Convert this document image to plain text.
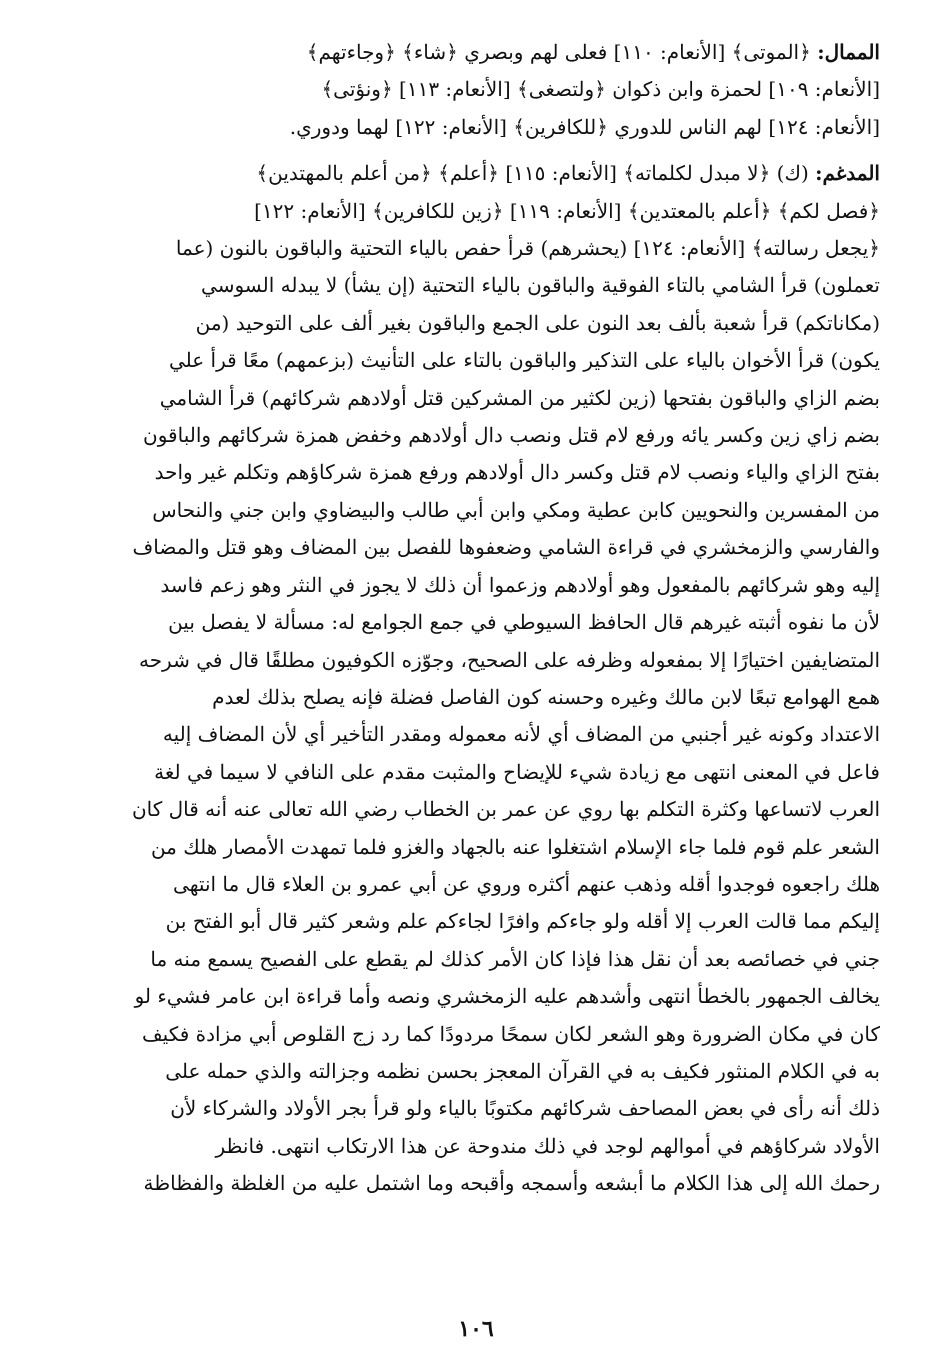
الممال: ﴿الموتى﴾ [الأنعام: ١١٠] فعلى لهم وبصري ﴿شاء﴾ ﴿وجاءتهم﴾
[الأنعام: ١٠٩] لحمزة وابن ذكوان ﴿ولتصغى﴾ [الأنعام: ١١٣] ﴿ونؤتى﴾
[الأنعام: ١٢٤] لهم الناس للدوري ﴿للكافرين﴾ [الأنعام: ١٢٢] لهما ودوري.

المدغم: (ك) ﴿لا مبدل لكلماته﴾ [الأنعام: ١١٥] ﴿أعلم﴾ ﴿من أعلم بالمهتدين﴾
﴿فصل لكم﴾ ﴿أعلم بالمعتدين﴾ [الأنعام: ١١٩] ﴿زين للكافرين﴾ [الأنعام: ١٢٢]
﴿يجعل رسالته﴾ [الأنعام: ١٢٤] (يحشرهم) قرأ حفص بالياء التحتية والباقون بالنون (عما
تعملون) قرأ الشامي بالتاء الفوقية والباقون بالياء التحتية (إن يشأ) لا يبدله السوسي
(مكاناتكم) قرأ شعبة بألف بعد النون على الجمع والباقون بغير ألف على التوحيد (من
يكون) قرأ الأخوان بالياء على التذكير والباقون بالتاء على التأنيث (بزعمهم) معًا قرأ علي
بضم الزاي والباقون بفتحها (زين لكثير من المشركين قتل أولادهم شركائهم) قرأ الشامي
بضم زاي زين وكسر يائه ورفع لام قتل ونصب دال أولادهم وخفض همزة شركائهم والباقون
بفتح الزاي والياء ونصب لام قتل وكسر دال أولادهم ورفع همزة شركاؤهم وتكلم غير واحد
من المفسرين والنحويين كابن عطية ومكي وابن أبي طالب والبيضاوي وابن جني والنحاس
والفارسي والزمخشري في قراءة الشامي وضعفوها للفصل بين المضاف وهو قتل والمضاف
إليه وهو شركائهم بالمفعول وهو أولادهم وزعموا أن ذلك لا يجوز في النثر وهو زعم فاسد
لأن ما نفوه أثبته غيرهم قال الحافظ السيوطي في جمع الجوامع له: مسألة لا يفصل بين
المتضايفين اختيارًا إلا بمفعوله وظرفه على الصحيح، وجوّزه الكوفيون مطلقًا قال في شرحه
همع الهوامع تبعًا لابن مالك وغيره وحسنه كون الفاصل فضلة فإنه يصلح بذلك لعدم
الاعتداد وكونه غير أجنبي من المضاف أي لأنه معموله ومقدر التأخير أي لأن المضاف إليه
فاعل في المعنى انتهى مع زيادة شيء للإيضاح والمثبت مقدم على النافي لا سيما في لغة
العرب لاتساعها وكثرة التكلم بها روي عن عمر بن الخطاب رضي الله تعالى عنه أنه قال كان
الشعر علم قوم فلما جاء الإسلام اشتغلوا عنه بالجهاد والغزو فلما تمهدت الأمصار هلك من
هلك راجعوه فوجدوا أقله وذهب عنهم أكثره وروي عن أبي عمرو بن العلاء قال ما انتهى
إليكم مما قالت العرب إلا أقله ولو جاءكم وافرًا لجاءكم علم وشعر كثير قال أبو الفتح بن
جني في خصائصه بعد أن نقل هذا فإذا كان الأمر كذلك لم يقطع على الفصيح يسمع منه ما
يخالف الجمهور بالخطأ انتهى وأشدهم عليه الزمخشري ونصه وأما قراءة ابن عامر فشيء لو
كان في مكان الضرورة وهو الشعر لكان سمحًا مردودًا كما رد زج القلوص أبي مزادة فكيف
به في الكلام المنثور فكيف به في القرآن المعجز بحسن نظمه وجزالته والذي حمله على
ذلك أنه رأى في بعض المصاحف شركائهم مكتوبًا بالياء ولو قرأ بجر الأولاد والشركاء لأن
الأولاد شركاؤهم في أموالهم لوجد في ذلك مندوحة عن هذا الارتكاب انتهى. فانظر
رحمك الله إلى هذا الكلام ما أبشعه وأسمجه وأقبحه وما اشتمل عليه من الغلظة والفظاظة

١٠٦
